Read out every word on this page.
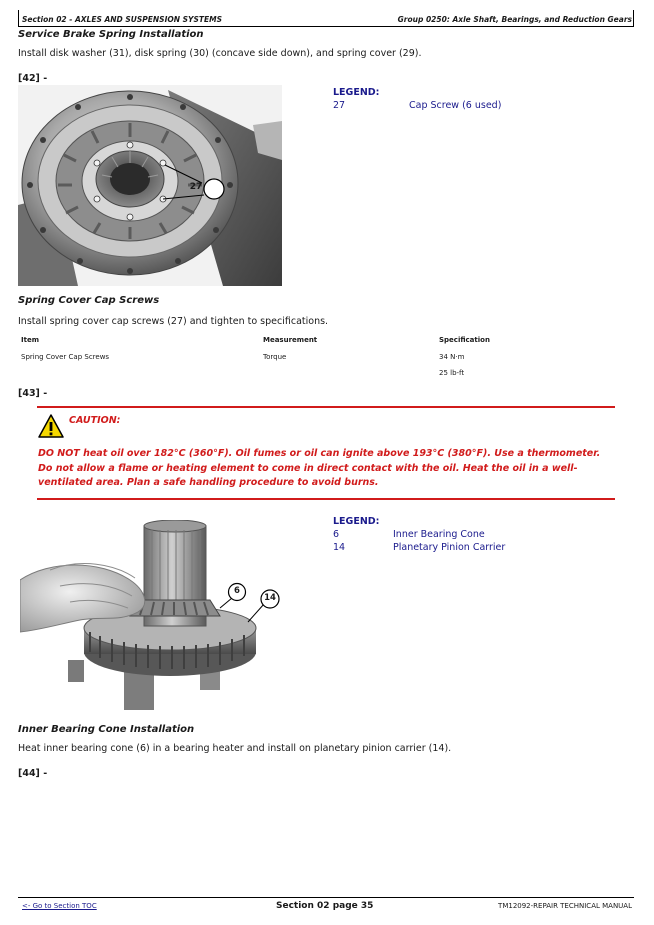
Section 02 - AXLES AND SUSPENSION SYSTEMS	Group 0250: Axle Shaft, Bearings, and Reduction Gears
Service Brake Spring Installation
Install disk washer (31), disk spring (30) (concave side down), and spring cover (29).
[42] -
27
LEGEND:
27	Cap Screw (6 used)
Spring Cover Cap Screws
Install spring cover cap screws (27) and tighten to specifications.
Item	Measurement	Specification
Spring Cover Cap Screws	Torque	34 N·m
25 lb-ft
[43] -
CAUTION:
DO NOT heat oil over 182°C (360°F). Oil fumes or oil can ignite above 193°C (380°F). Use a thermometer.
Do not allow a flame or heating element to come in direct contact with the oil. Heat the oil in a well-
ventilated area. Plan a safe handling procedure to avoid burns.
6
14
LEGEND:
6	Inner Bearing Cone
14	Planetary Pinion Carrier
Inner Bearing Cone Installation
Heat inner bearing cone (6) in a bearing heater and install on planetary pinion carrier (14).
[44] -
<- Go to Section TOC	Section 02 page 35	TM12092-REPAIR TECHNICAL MANUAL
